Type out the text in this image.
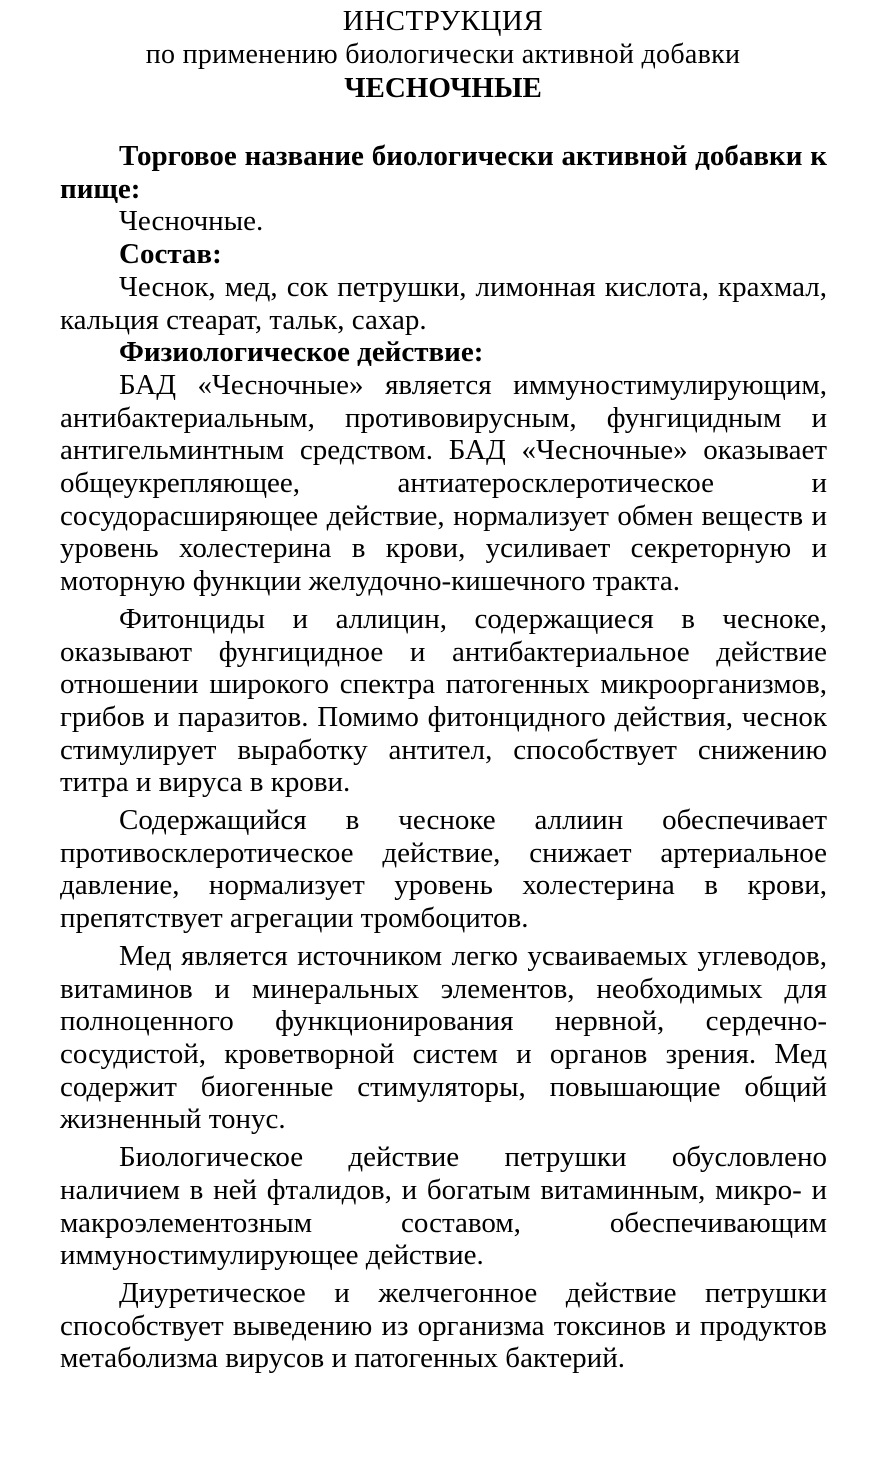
ИНСТРУКЦИЯ
по применению биологически активной добавки
ЧЕСНОЧНЫЕ

Торговое название биологически активной добавки к пище:

Чесночные.

Состав:

Чеснок, мед, сок петрушки, лимонная кислота, крахмал, кальция стеарат, тальк, сахар.

Физиологическое действие:

БАД «Чесночные» является иммуностимулирующим, антибактериальным, противовирусным, фунгицидным и антигельминтным средством. БАД «Чесночные» оказывает общеукрепляющее, антиатеросклеротическое и сосудорасширяющее действие, нормализует обмен веществ и уровень холестерина в крови, усиливает секреторную и моторную функции желудочно-кишечного тракта.

Фитонциды и аллицин, содержащиеся в чесноке, оказывают фунгицидное и антибактериальное действие отношении широкого спектра патогенных микроорганизмов, грибов и паразитов. Помимо фитонцидного действия, чеснок стимулирует выработку антител, способствует снижению титра и вируса в крови.

Содержащийся в чесноке аллиин обеспечивает противосклеротическое действие, снижает артериальное давление, нормализует уровень холестерина в крови, препятствует агрегации тромбоцитов.

Мед является источником легко усваиваемых углеводов, витаминов и минеральных элементов, необходимых для полноценного функционирования нервной, сердечно-сосудистой, кроветворной систем и органов зрения. Мед содержит биогенные стимуляторы, повышающие общий жизненный тонус.

Биологическое действие петрушки обусловлено наличием в ней фталидов, и богатым витаминным, микро- и макроэлементозным составом, обеспечивающим иммуностимулирующее действие.

Диуретическое и желчегонное действие петрушки способствует выведению из организма токсинов и продуктов метаболизма вирусов и патогенных бактерий.
